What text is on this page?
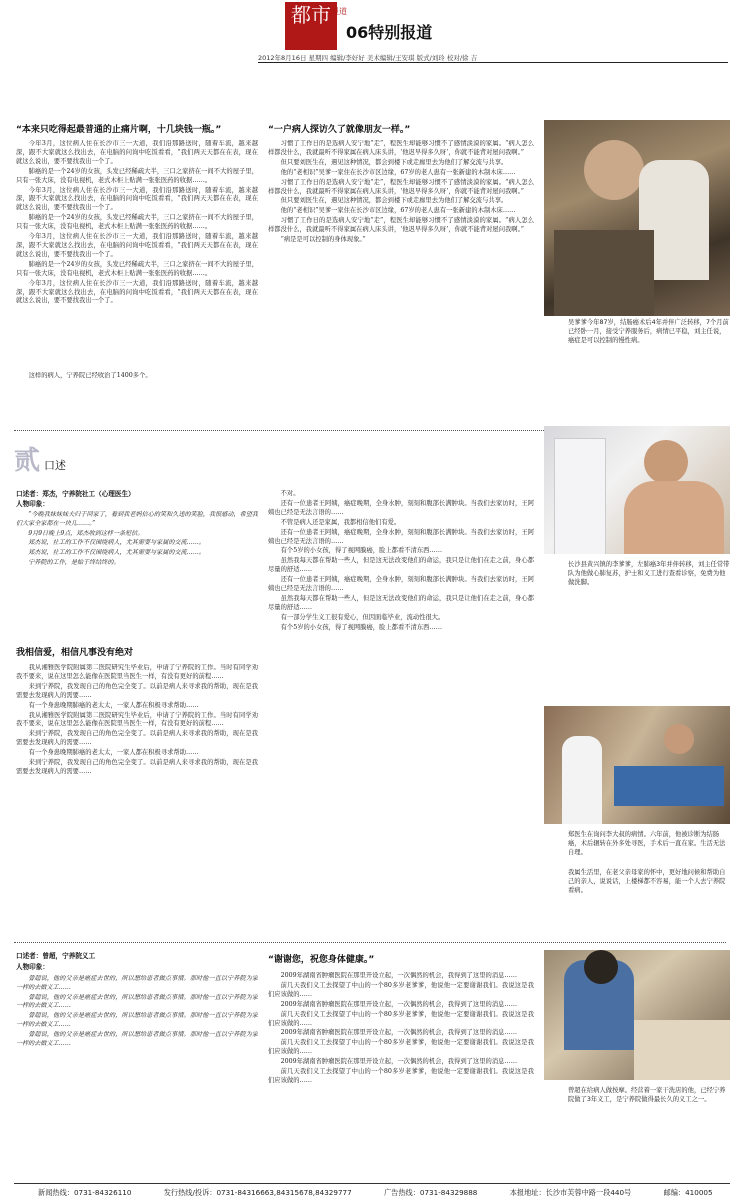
都市 报道
06特别报道
2012年8月16日 星期四 编辑/李好好 美术编辑/王安琪 版式/刘玲 校对/徐 吉
“本来只吃得起最普通的止痛片啊，十几块钱一瓶。”

今年3月，这位病人住在长沙市三一大道，我们沿那路送时，随着车流，越来越深，跟不大家就这么找出去，在电脑的问询中吃饭看看，“我们两天天都在在表，现在就这么说出，要不要找我出一个了。

肺癌的是一个24岁的女孩，头发已经稀疏大半，三口之家挤在一间不大的屋子里，只有一张大床，没有电视机，老式木柜上贴满一张张医药的收据……。

今年3月，这位病人住在长沙市三一大道，我们沿那路送时，随着车流，越来越深，跟不大家就这么找出去，在电脑的问询中吃饭看看，“我们两天天都在在表，现在就这么说出，要不要找我出一个了。

肺癌的是一个24岁的女孩，头发已经稀疏大半，三口之家挤在一间不大的屋子里，只有一张大床，没有电视机，老式木柜上贴满一张张医药的收据……。

今年3月，这位病人住在长沙市三一大道，我们沿那路送时，随着车流，越来越深，跟不大家就这么找出去，在电脑的问询中吃饭看看，“我们两天天都在在表，现在就这么说出，要不要找我出一个了。

肺癌的是一个24岁的女孩，头发已经稀疏大半，三口之家挤在一间不大的屋子里，只有一张大床，没有电视机，老式木柜上贴满一张张医药的收据……。

今年3月，这位病人住在长沙市三一大道，我们沿那路送时，随着车流，越来越深，跟不大家就这么找出去，在电脑的问询中吃饭看看，“我们两天天都在在表，现在就这么说出，要不要找我出一个了。

这样的病人，宁养院已经收治了1400多个。

“一户病人探访久了就像朋友一样。”

习惯了工作日的是选病人安宁地“走”，程医生却能够习惯不了感情淡漠的家属。“病人怎么样都没什么，我就最听不得家属在病人床头讲，‘他迟早得多久呀’，你就不能背对屋问我啊。”

但只要刘医生在，遇见这种情况，都会到楼下或走廊里去为他们了解交流与共享。

他的“老相识”吴爹一家住在长沙市区边缘，67岁的老人患有一张新建的木制木床……

习惯了工作日的是选病人安宁地“走”，程医生却能够习惯不了感情淡漠的家属。“病人怎么样都没什么，我就最听不得家属在病人床头讲，‘他迟早得多久呀’，你就不能背对屋问我啊。”

但只要刘医生在，遇见这种情况，都会到楼下或走廊里去为他们了解交流与共享。

他的“老相识”吴爹一家住在长沙市区边缘，67岁的老人患有一张新建的木制木床……

习惯了工作日的是选病人安宁地“走”，程医生却能够习惯不了感情淡漠的家属。“病人怎么样都没什么，我就最听不得家属在病人床头讲，‘他迟早得多久呀’，你就不能背对屋问我啊。”

“病是是可以控制的身体现象。”

吴爹爹今年87岁，结肠癌术后4年并伴广泛转移，7个月前已经卧一月，接受宁养服务后，病情已平稳，刘主任说，癌症是可以控制的慢性病。
贰口述
口述者：郑杰，宁养院社工（心理医生）
人物印象：

“今晚我妹妹妹夫归于回家了，看到我老妈信心的笑和久违的笑脸，我很感动，希望我们大家全家都在一块儿……。”

9月9日晚上9点，郑杰收到这样一条短信。

郑杰说，社工的工作不仅围绕病人，尤其需要与家属的交流……。

郑杰说，社工的工作不仅围绕病人，尤其需要与家属的交流……。

宁养院的工作，是始于终结终的。

我相信爱，相信凡事没有绝对

我从湘雅医学院附属第二医院研究生毕业后，申请了宁养院的工作。当时有同学劝我不要来，说在这里怎么能像在医院里当医生一样，有没有更好的前程……

来到宁养院，我发现自己的角色完全变了。以前是病人来寻求我的帮助，现在是我需要去发现病人的需要……

有一个身患晚期肺癌的老太太，一家人都在积极寻求帮助……

我从湘雅医学院附属第二医院研究生毕业后，申请了宁养院的工作。当时有同学劝我不要来，说在这里怎么能像在医院里当医生一样，有没有更好的前程……

来到宁养院，我发现自己的角色完全变了。以前是病人来寻求我的帮助，现在是我需要去发现病人的需要……

有一个身患晚期肺癌的老太太，一家人都在积极寻求帮助……

来到宁养院，我发现自己的角色完全变了。以前是病人来寻求我的帮助，现在是我需要去发现病人的需要……

不对。

还有一位患者王阿姨，癌症晚期，全身水肿，刻刻和腹部长满肿块。当我们去家访时，王阿姨也已经是无法言语的……

不管是病人还是家属，我都相信他们有爱。

还有一位患者王阿姨，癌症晚期，全身水肿，刻刻和腹部长满肿块。当我们去家访时，王阿姨也已经是无法言语的……

有个5岁的小女孩，得了视网膜癌，脸上都看不清东西……

虽然我每天都在帮助一些人，但是这无法改变他们的命运，我只是让他们在走之前，身心都尽量的舒适……

还有一位患者王阿姨，癌症晚期，全身水肿，刻刻和腹部长满肿块。当我们去家访时，王阿姨也已经是无法言语的……

虽然我每天都在帮助一些人，但是这无法改变他们的命运，我只是让他们在走之前，身心都尽量的舒适……

有一部分学生义工很有爱心，但因面临毕业，流动性很大。

有个5岁的小女孩，得了视网膜癌，脸上都看不清东西……

长沙县黄兴镇的李爹爹，左肺癌3年并伴转移，刘主任常带队为他做心肺复苏，护士和义工进行查看诊察，免费为他做洗脚。
郑医生在询问李大叔的病情。六年前，他被诊断为结肠癌，术后辗转在外多处寻医，手术后一直在家。生活无法自理。
我属生活里，在老父亲母家的怀中，更好地问候和帮助自己的亲人，说说话，上楼梯都不容易，能一个人去宁养院看病。
口述者：曾超，宁养院义工
人物印象：

曾超说，他的父亲是癌症去世的，所以想给患者做点事情。那时他一直以宁养院为家一样的去做义工……

曾超说，他的父亲是癌症去世的，所以想给患者做点事情。那时他一直以宁养院为家一样的去做义工……

曾超说，他的父亲是癌症去世的，所以想给患者做点事情。那时他一直以宁养院为家一样的去做义工……

曾超说，他的父亲是癌症去世的，所以想给患者做点事情。那时他一直以宁养院为家一样的去做义工……

“谢谢您，祝您身体健康。”

2009年湖南省肿瘤医院在那里开设立起，一次偶然的机会，我得到了这里的消息……

前几天我们义工去探望了中山的一个80多岁老爹爹，他说他一定要谢谢我们。我说这是我们应该做的……

2009年湖南省肿瘤医院在那里开设立起，一次偶然的机会，我得到了这里的消息……

前几天我们义工去探望了中山的一个80多岁老爹爹，他说他一定要谢谢我们。我说这是我们应该做的……

2009年湖南省肿瘤医院在那里开设立起，一次偶然的机会，我得到了这里的消息……

前几天我们义工去探望了中山的一个80多岁老爹爹，他说他一定要谢谢我们。我说这是我们应该做的……

2009年湖南省肿瘤医院在那里开设立起，一次偶然的机会，我得到了这里的消息……

前几天我们义工去探望了中山的一个80多岁老爹爹，他说他一定要谢谢我们。我说这是我们应该做的……

曾超在给病人做按摩。经营着一家干洗店的他，已经宁养院做了3年义工，是宁养院做得最长久的义工之一。
新闻热线：0731-84326110	发行热线/投诉：0731-84316663,84315678,84329777	广告热线：0731-84329888	本报地址：长沙市芙蓉中路一段440号	邮编：410005
